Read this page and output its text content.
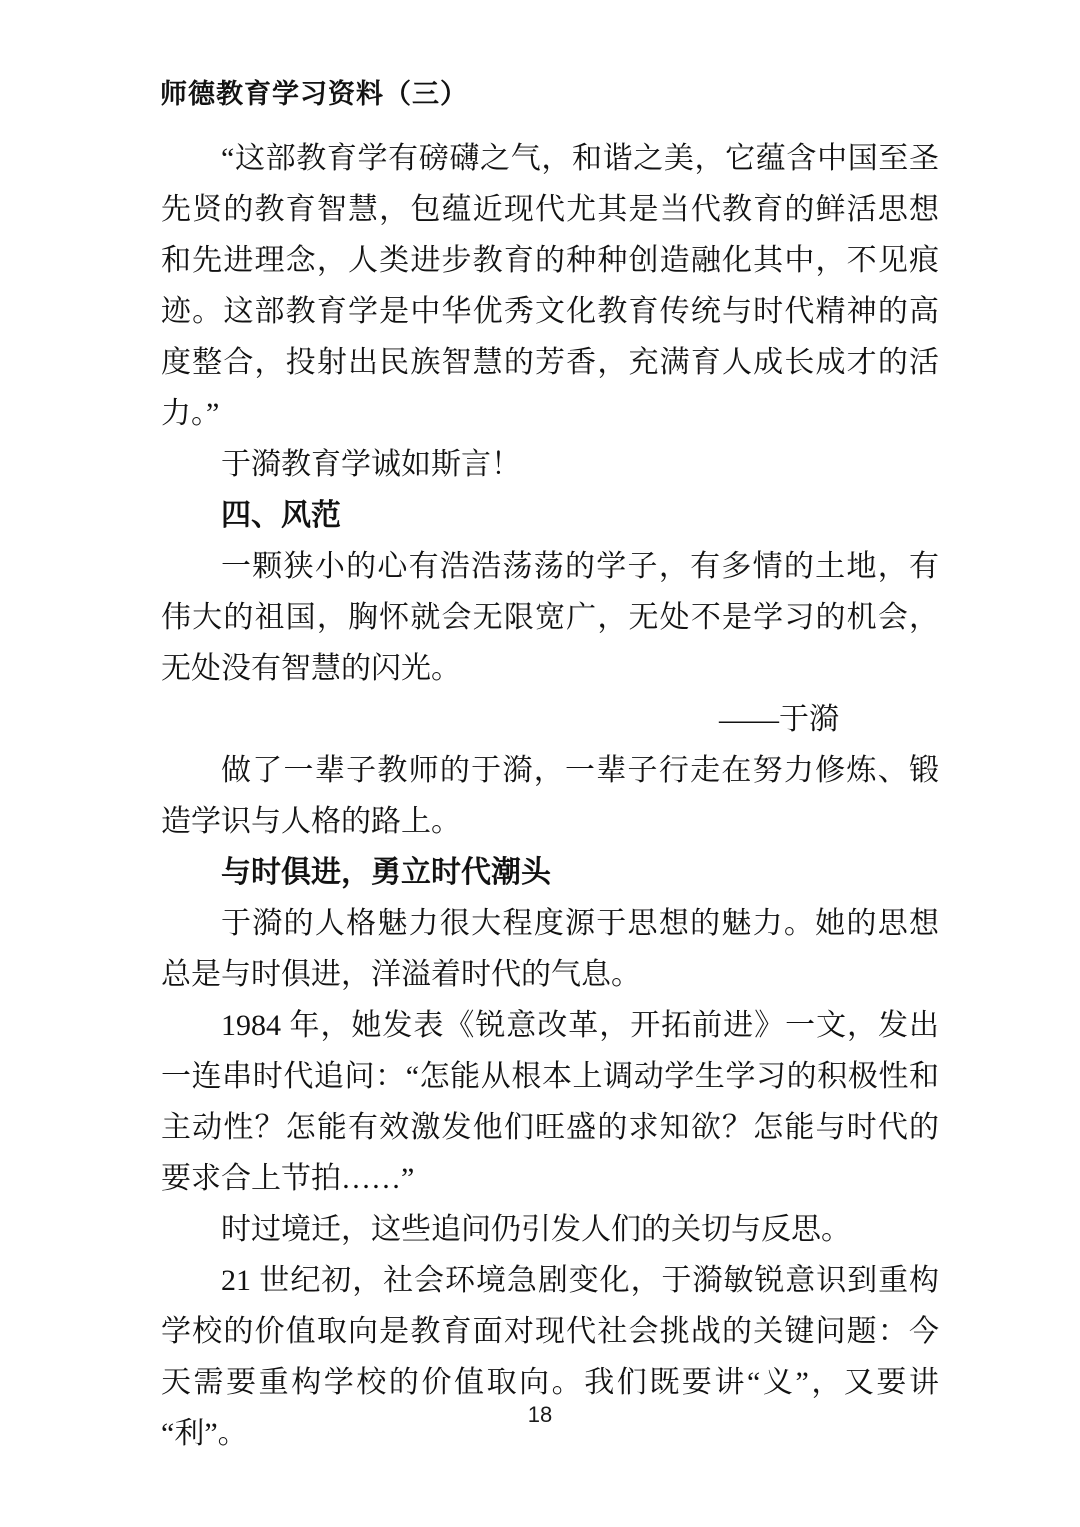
师德教育学习资料（三）

“这部教育学有磅礴之气，和谐之美，它蕴含中国至圣先贤的教育智慧，包蕴近现代尤其是当代教育的鲜活思想和先进理念，人类进步教育的种种创造融化其中，不见痕迹。这部教育学是中华优秀文化教育传统与时代精神的高度整合，投射出民族智慧的芳香，充满育人成长成才的活力。”

于漪教育学诚如斯言！

四、风范

一颗狭小的心有浩浩荡荡的学子，有多情的土地，有伟大的祖国，胸怀就会无限宽广，无处不是学习的机会，无处没有智慧的闪光。

——于漪

做了一辈子教师的于漪，一辈子行走在努力修炼、锻造学识与人格的路上。

与时俱进，勇立时代潮头

于漪的人格魅力很大程度源于思想的魅力。她的思想总是与时俱进，洋溢着时代的气息。

1984 年，她发表《锐意改革，开拓前进》一文，发出一连串时代追问：“怎能从根本上调动学生学习的积极性和主动性？怎能有效激发他们旺盛的求知欲？怎能与时代的要求合上节拍……”

时过境迁，这些追问仍引发人们的关切与反思。

21 世纪初，社会环境急剧变化，于漪敏锐意识到重构学校的价值取向是教育面对现代社会挑战的关键问题：今天需要重构学校的价值取向。我们既要讲“义”，又要讲“利”。

18
